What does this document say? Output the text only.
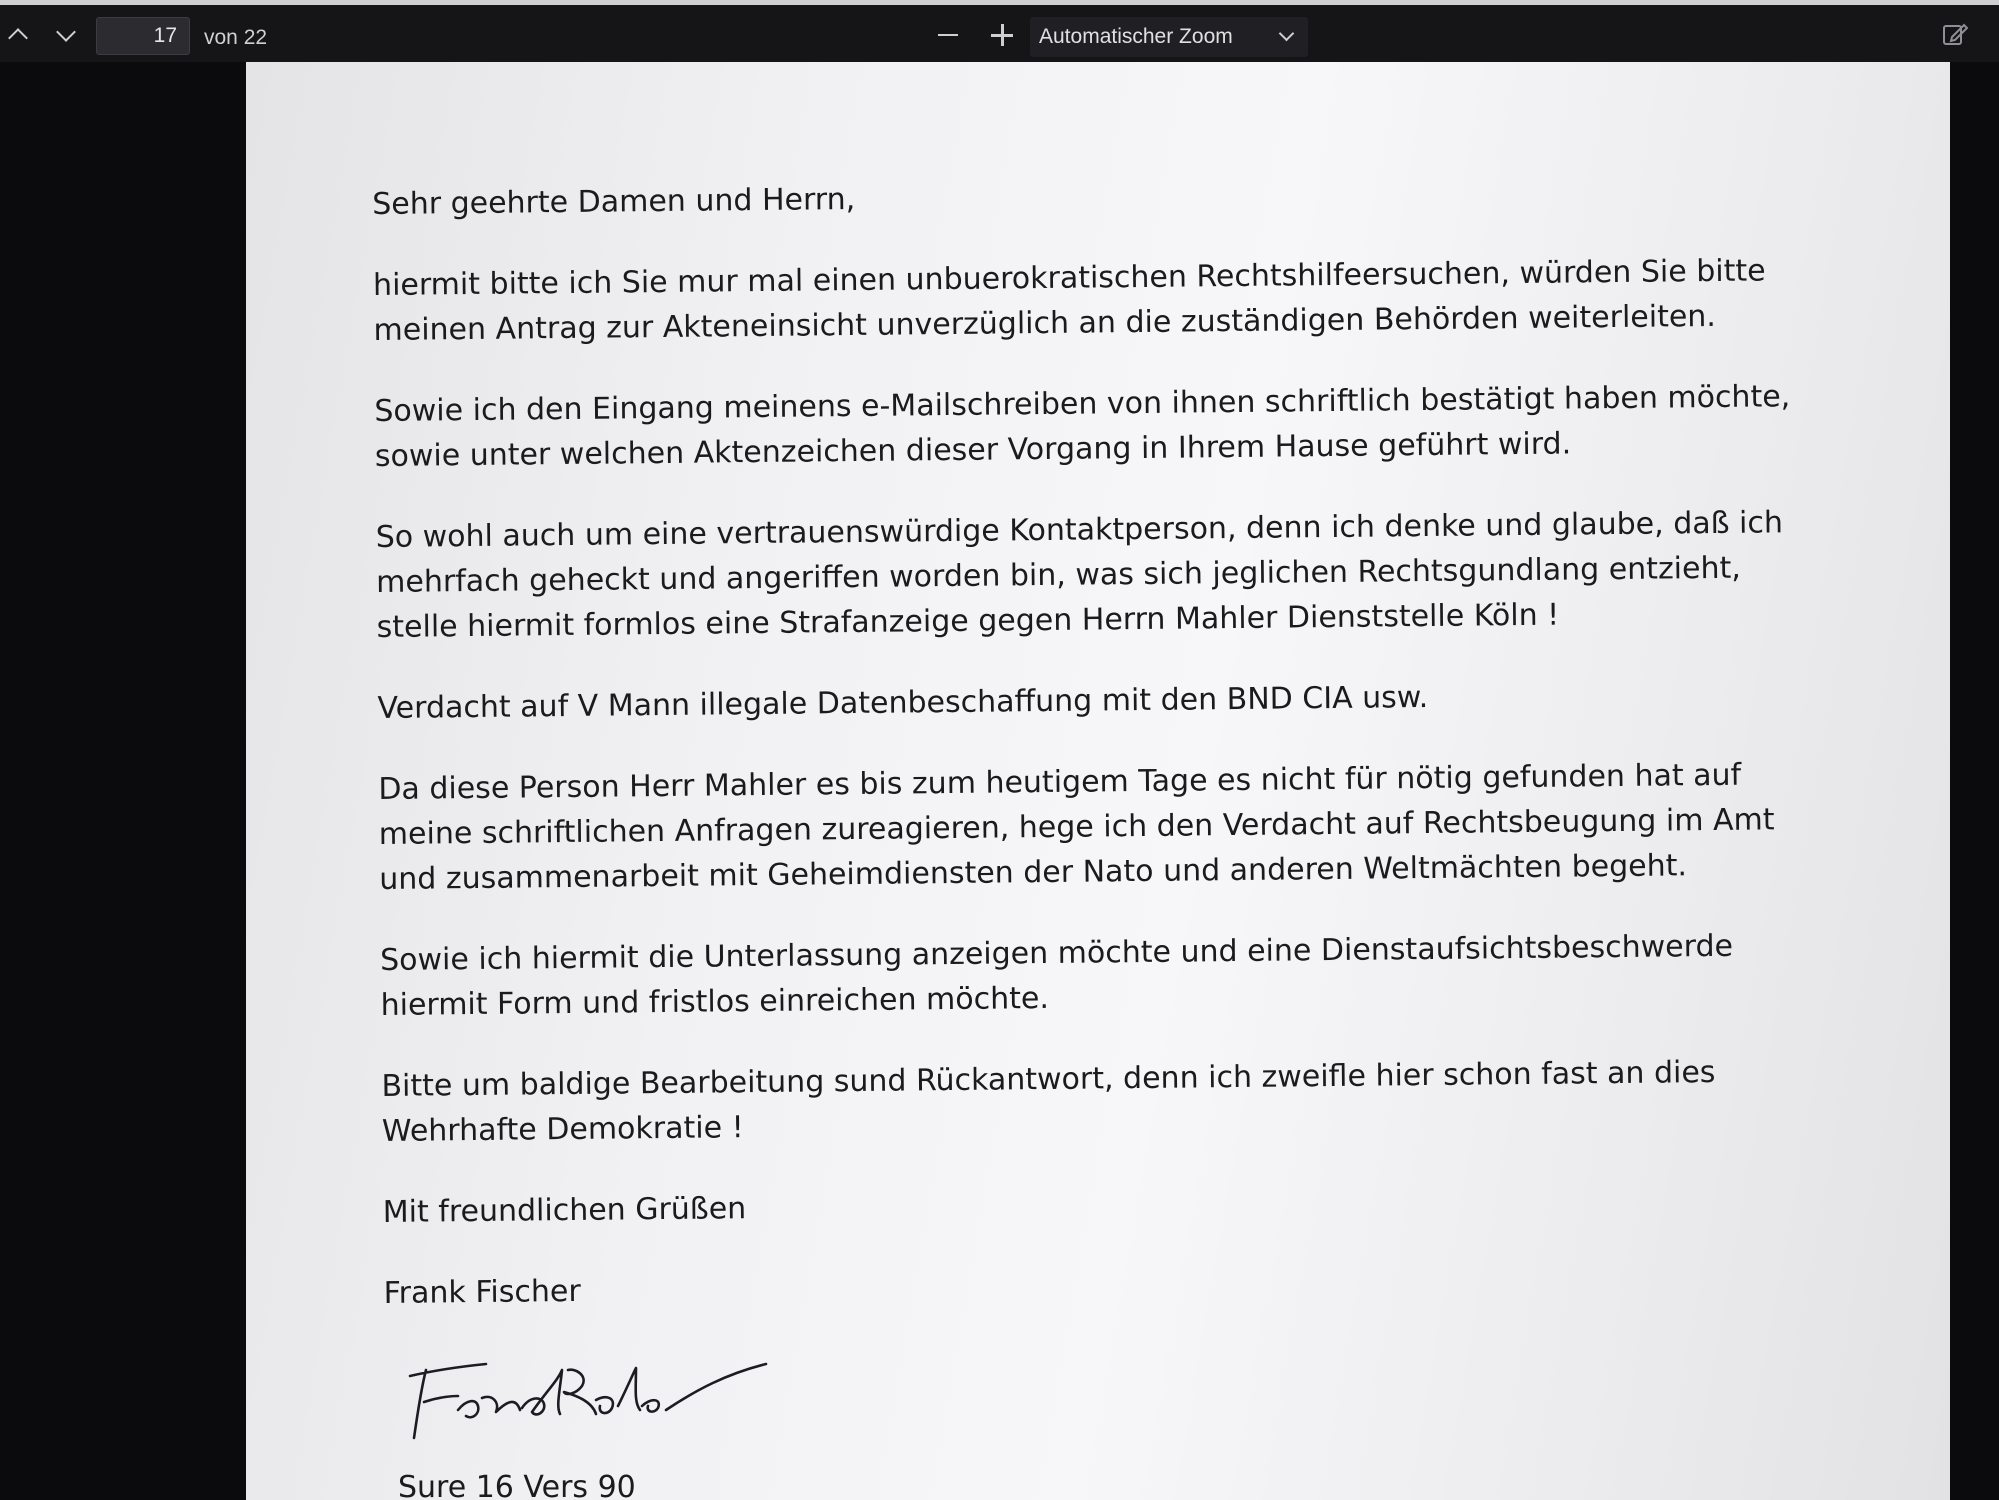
17
von 22	Automatischer Zoom

Sehr geehrte Damen und Herrn,

hiermit bitte ich Sie mur mal einen unbuerokratischen Rechtshilfeersuchen, würden Sie bitte meinen Antrag zur Akteneinsicht unverzüglich an die zuständigen Behörden weiterleiten.

Sowie ich den Eingang meinens e-Mailschreiben von ihnen schriftlich bestätigt haben möchte, sowie unter welchen Aktenzeichen dieser Vorgang in Ihrem Hause geführt wird.

So wohl auch um eine vertrauenswürdige Kontaktperson, denn ich denke und glaube, daß ich mehrfach geheckt und angeriffen worden bin, was sich jeglichen Rechtsgundlang entzieht, stelle hiermit formlos eine Strafanzeige gegen Herrn Mahler Dienststelle Köln !

Verdacht auf V Mann illegale Datenbeschaffung mit den BND CIA usw.

Da diese Person Herr Mahler es bis zum heutigem Tage es nicht für nötig gefunden hat auf meine schriftlichen Anfragen zureagieren, hege ich den Verdacht auf Rechtsbeugung im Amt und zusammenarbeit mit Geheimdiensten der Nato und anderen Weltmächten begeht.

Sowie ich hiermit die Unterlassung anzeigen möchte und eine Dienstaufsichtsbeschwerde hiermit Form und fristlos einreichen möchte.

Bitte um baldige Bearbeitung sund Rückantwort, denn ich zweifle hier schon fast an dies Wehrhafte Demokratie !

Mit freundlichen Grüßen

Frank Fischer

Sure 16 Vers 90
